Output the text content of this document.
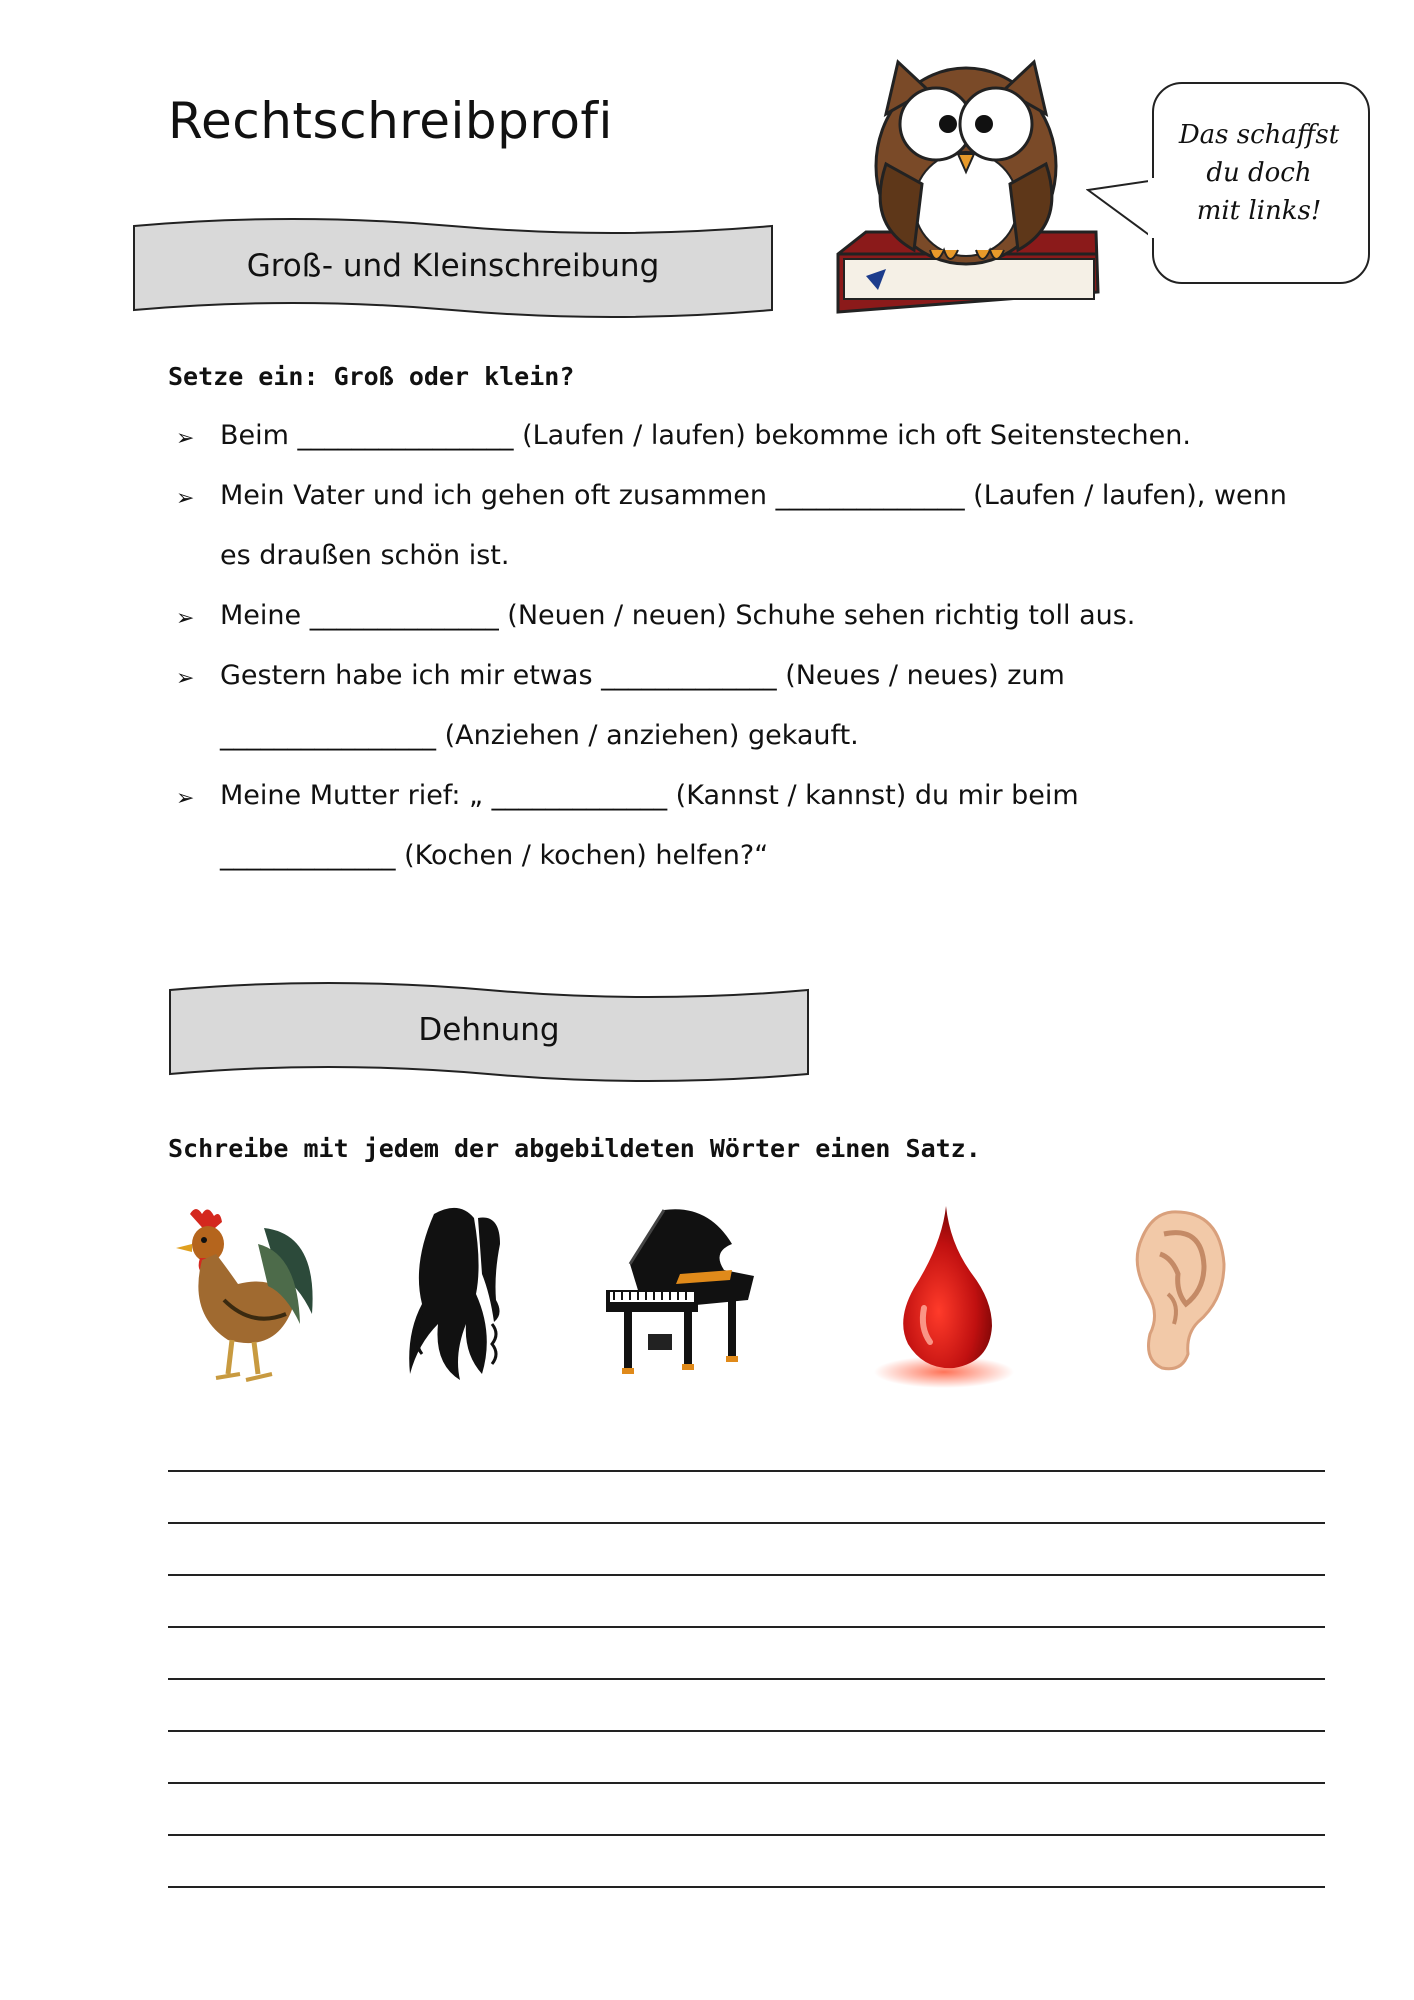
Rechtschreibprofi	Das schaffst
du doch
mit links!
Groß- und Kleinschreibung
Setze ein: Groß oder klein?
➢ Beim ________________ (Laufen / laufen) bekomme ich oft Seitenstechen.
➢ Mein Vater und ich gehen oft zusammen ______________ (Laufen / laufen), wenn
es draußen schön ist.
➢ Meine ______________ (Neuen / neuen) Schuhe sehen richtig toll aus.
➢ Gestern habe ich mir etwas _____________ (Neues / neues) zum
________________ (Anziehen / anziehen) gekauft.
➢ Meine Mutter rief: „ _____________ (Kannst / kannst) du mir beim
_____________ (Kochen / kochen) helfen?“
Dehnung
Schreibe mit jedem der abgebildeten Wörter einen Satz.
